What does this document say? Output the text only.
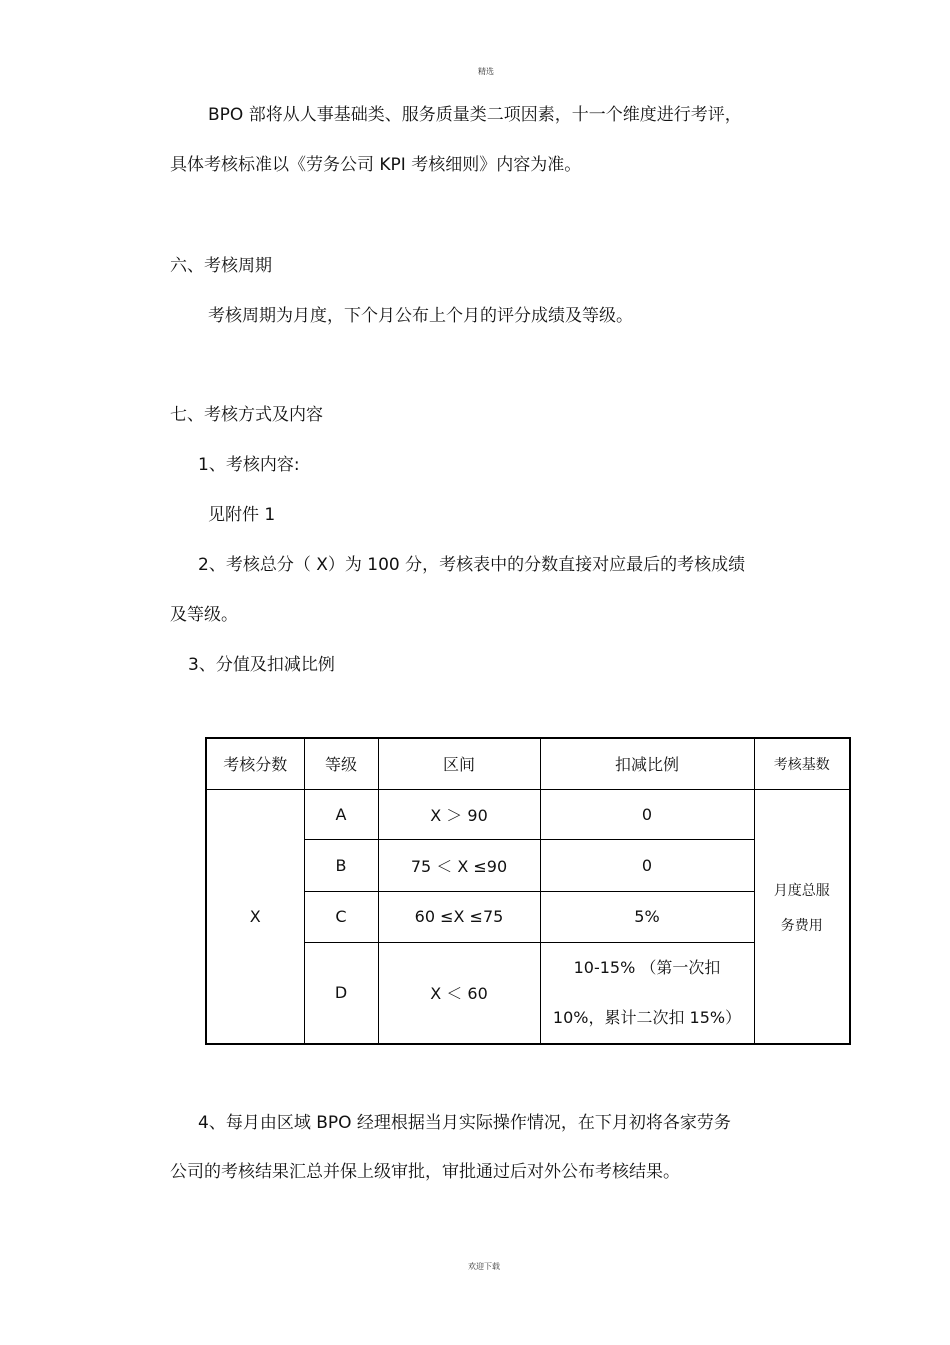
精选
BPO 部将从人事基础类、服务质量类二项因素，十一个维度进行考评，
具体考核标准以《劳务公司 KPI 考核细则》内容为准。
六、考核周期
考核周期为月度，下个月公布上个月的评分成绩及等级。
七、考核方式及内容
1、考核内容:
见附件 1
2、考核总分（ X）为 100 分，考核表中的分数直接对应最后的考核成绩
及等级。
3、分值及扣减比例
考核分数	等级	区间	扣减比例	考核基数
X	A	X ＞ 90	0	月度总服
务费用

	B	75 ＜ X ≤90	0	
	C	60 ≤X ≤75	5%	
	D	X ＜ 60	10-15% （第一次扣
10%，累计二次扣 15%）	
4、每月由区域 BPO 经理根据当月实际操作情况，在下月初将各家劳务
公司的考核结果汇总并保上级审批，审批通过后对外公布考核结果。
欢迎下载
